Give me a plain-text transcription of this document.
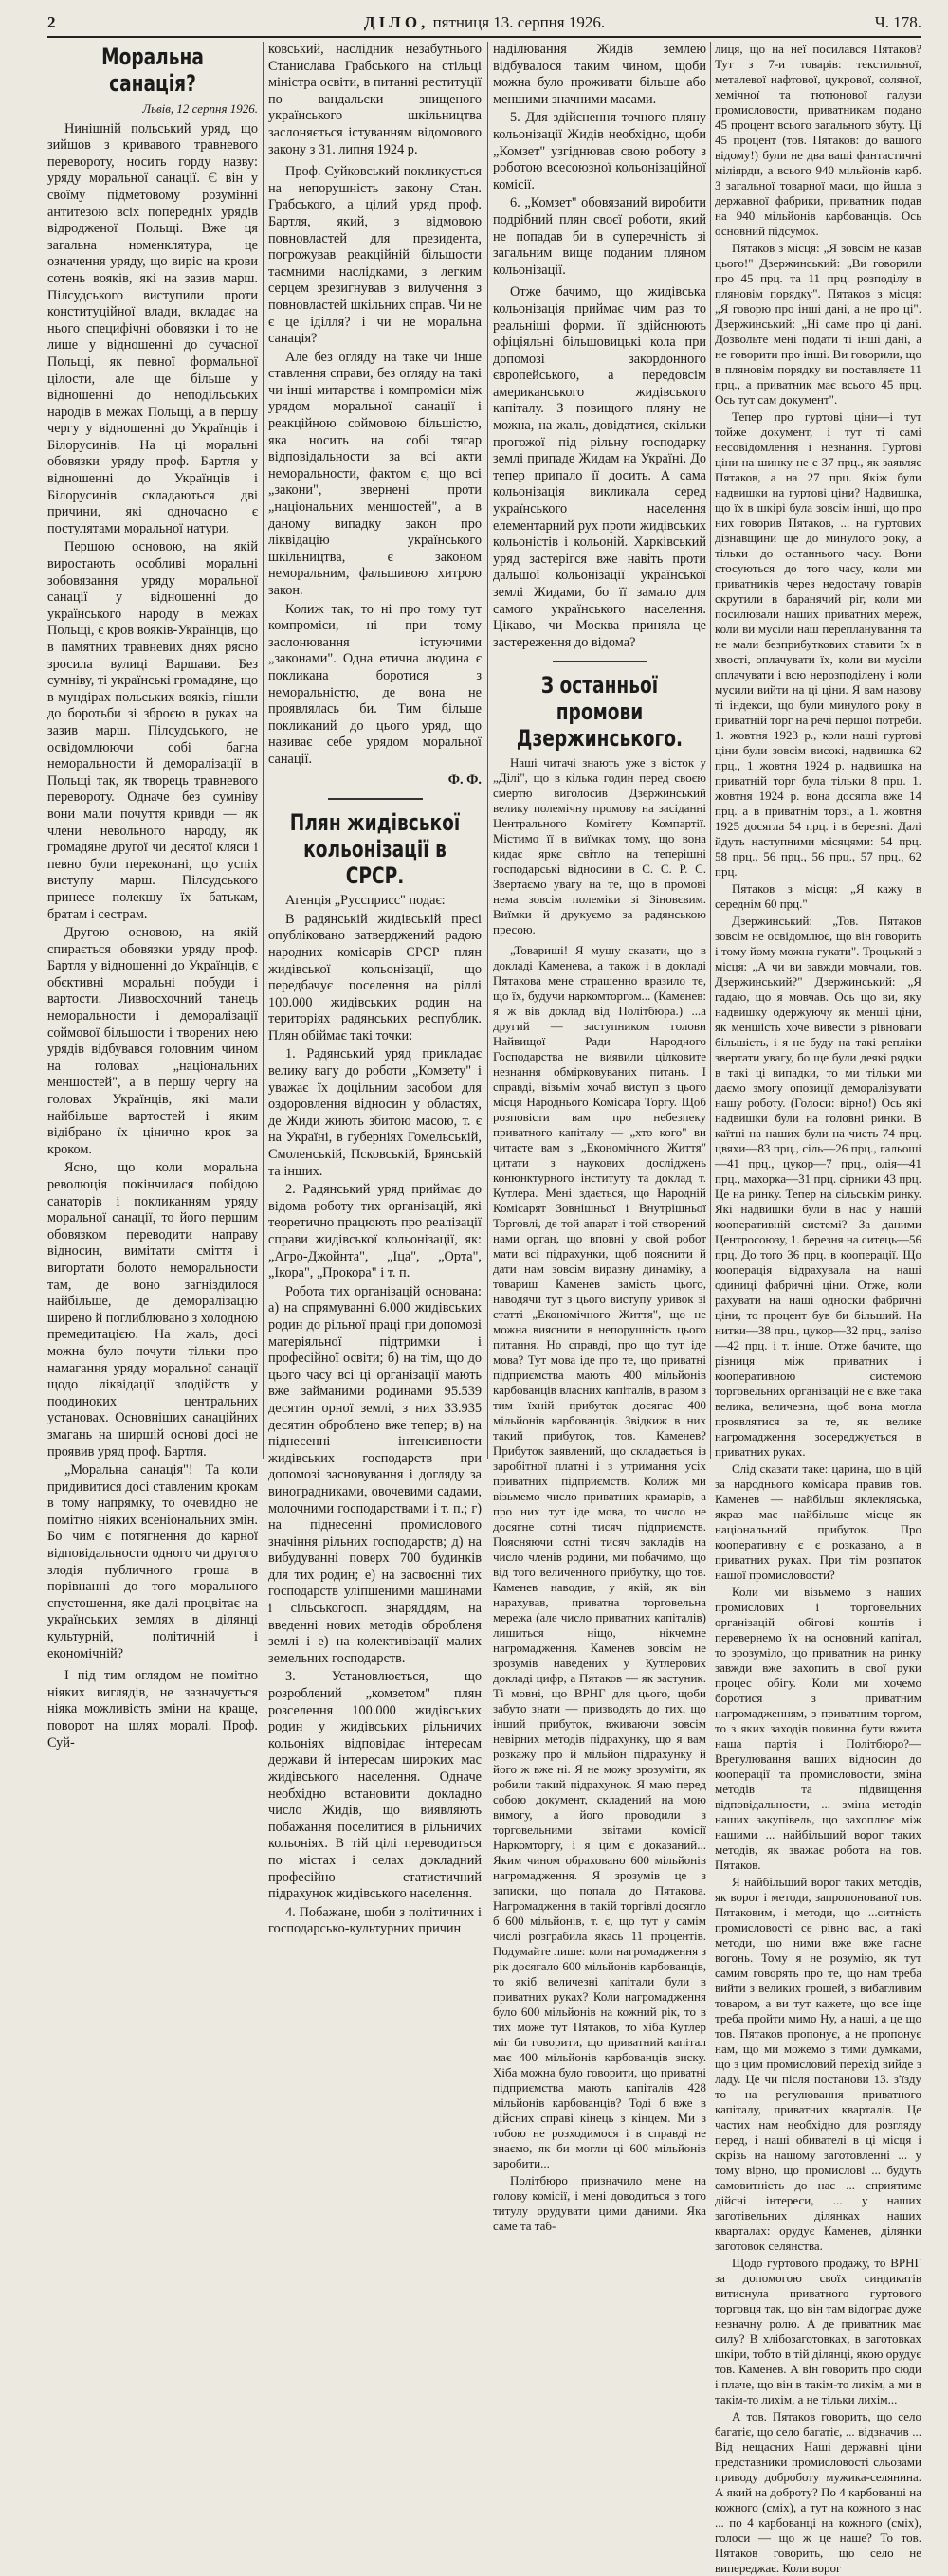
2	ДІЛО, пятниця 13. серпня 1926.	Ч. 178.
Моральна санація?
Львів, 12 серпня 1926.

Нинішній польський уряд, що зийшов з кривавого травневого перевороту, носить горду назву: уряду моральної санації. Є він у своїму підметовому розумінні антитезою всіх попередніх урядів відродженої Польщі. Вже ця загальна номенклятура, це означення уряду, що виріс на крови сотень вояків, які на зазив марш. Пілсудського виступили проти конституційної влади, вкладає на нього специфічні обовязки і то не лише у відношенні до сучасної Польщі, як певної формальної цілости, але ще більше у відношенні до неподільських народів в межах Польщі, а в першу чергу у відношенні до Українців і Білорусинів. На ці моральні обовязки уряду проф. Бартля у відношенні до Українців і Білорусинів складаються дві причини, які одночасно є постулятами моральної натури.

Першою основою, на якій виростають особливі моральні зобовязання уряду моральної санації у відношенні до українського народу в межах Польщі, є кров вояків-Українців, що в памятних травневих днях рясно зросила вулиці Варшави. Без сумніву, ті українські громадяне, що в мундірах польських вояків, пішли до боротьби зі зброєю в руках на зазив марш. Пілсудського, не освідомлюючи собі багна неморальности й деморалізації в Польщі так, як творець травневого перевороту. Одначе без сумніву вони мали почуття кривди — як члени невольного народу, як громадяне другої чи десятої кляси і певно були переконані, що успіх виступу марш. Пілсудського принесе полекшу їх батькам, братам і сестрам.

Другою основою, на якій спирається обовязки уряду проф. Бартля у відношенні до Українців, є обєктивні моральні побуди і вартости. Ливвосхочний танець неморальности і деморалізації соймової більшости і творених нею урядів відбувався головним чином на головах „національних меншостей", а в першу чергу на головах Українців, які мали найбільше вартостей і яким відібрано їх цінично крок за кроком.

Ясно, що коли моральна революція покінчилася побідою санаторів і покликанням уряду моральної санації, то його першим обовязком переводити направу відносин, вимітати сміття і вигортати болото неморальности там, де воно загніздилося найбільше, де деморалізацію ширено й поглиблювано з холодною премедитацією. На жаль, досі можна було почути тільки про намагання уряду моральної санації щодо ліквідації злодійств у поодиноких центральних установах. Основніших санаційних змагань на ширшій основі досі не проявив уряд проф. Бартля.

„Моральна санація"! Та коли придивитися досі ставленим крокам в тому напрямку, то очевидно не помітно ніяких всеніональних змін. Бо чим є потягнення до карної відповідальности одного чи другого злодія публичного гроша в порівнанні до того морального спустошення, яке далі процвітає на українських землях в ділянці культурній, політичній і економічній?

І під тим оглядом не помітно ніяких виглядів, не зазначується ніяка можливість зміни на краще, поворот на шлях моралі. Проф. Суй-

ковський, наслідник незабутнього Станислава Грабського на стільці міністра освіти, в питанні реституції по вандальски знищеного українського шкільництва заслоняється істуванням відомового закону з 31. липня 1924 р.

Проф. Суйковський покликується на непорушність закону Стан. Грабського, а цілий уряд проф. Бартля, який, з відмовою повновластей для президента, погрожував реакційній більшости таємними наслідками, з легким серцем зрезигнував з вилучення з повновластей шкільних справ. Чи не є це іділля? і чи не моральна санація?

Але без огляду на таке чи інше ставлення справи, без огляду на такі чи інші митарства і компроміси між урядом моральної санації і реакційною соймовою більшістю, яка носить на собі тягар відповідальности за всі акти неморальности, фактом є, що всі „закони", звернені проти „національних меншостей", а в даному випадку закон про ліквідацію українського шкільництва, є законом неморальним, фальшивою хитрою закон.

Колиж так, то ні про тому тут компроміси, ні при тому заслонювання істуючими „законами". Одна етична людина є покликана боротися з неморальністю, де вона не проявлялась би. Тим більше покликаний до цього уряд, що називає себе урядом моральної санації.

Ф. Ф.
Плян жидівської кольонізації в СРСР.

Агенція „Руссприсс" подає:

В радянській жидівській пресі опубліковано затверджений радою народних комісарів СРСР плян жидівської кольонізації, що передбачує поселення на ріллі 100.000 жидівських родин на територіях радянських республик. Плян обіймає такі точки:

1. Радянський уряд прикладає велику вагу до роботи „Комзету" і уважає їх доцільним засобом для оздоровлення відносин у областях, де Жиди жиють збитою масою, т. є на Україні, в губерніях Гомельській, Смоленській, Псковській, Брянській та інших.

2. Радянський уряд приймає до відома роботу тих організацій, які теоретично працюють про реалізації справи жидівської кольонізації, як: „Агро-Джойнта", „Іца", „Орта", „Ікора", „Прокора" і т. п.

Робота тих організацій основана: а) на спрямуванні 6.000 жидівських родин до рільної праці при допомозі матеріяльної підтримки і професійної освіти; б) на тім, що до цього часу всі ці організації мають вже займаними родинами 95.539 десятин орної землі, з них 33.935 десятин оброблено вже тепер; в) на піднесенні інтенсивности жидівських господарств при допомозі засновування і догляду за виноградниками, овочевими садами, молочними господарствами і т. п.; г) на піднесенні промислового значіння рільних господарств; д) на вибудуванні поверх 700 будинків для тих родин; е) на засвоєнні тих господарств уліпшеними машинами і сільськогосп. знаряддям, на введенні нових методів обробленя землі і е) на колективізації малих земельних господарств.

3. Установлюється, що розроблений „комзетом" плян розселення 100.000 жидівських родин у жидівських рільничих кольоніях відповідає інтересам держави й інтересам широких мас жидівського населення. Одначе необхідно встановити докладно число Жидів, що виявляють побажання поселитися в рільничих кольоніях. В тій цілі переводиться по містах і селах докладний професійно статистичний підрахунок жидівського населення.

4. Побажане, щоби з політичних і господарсько-культурних причин

наділювання Жидів землею відбувалося таким чином, щоби можна було проживати більше або меншими значними масами.

5. Для здійснення точного пляну кольонізації Жидів необхідно, щоби „Комзет" узгіднював свою роботу з роботою всесоюзної кольонізаційної комісії.

6. „Комзет" обовязаний виробити подрібний плян своєї роботи, який не попадав би в суперечність зі загальним вище поданим пляном кольонізації.

Отже бачимо, що жидівська кольонізація приймає чим раз то реальніші форми. її здійснюють офіціяльні більшовицькі кола при допомозі закордонного європейського, а передовсім американського жидівського капіталу. З повищого пляну не можна, на жаль, довідатися, скільки прогожої під рільну господарку землі припаде Жидам на Україні. До тепер припало її досить. А сама кольонізація викликала серед українського населення елементарний рух проти жидівських кольоністів і кольоній. Харківський уряд застерігся вже навіть проти дальшої кольонізації української землі Жидами, бо її замало для самого українського населення. Цікаво, чи Москва приняла це застереження до відома?

З останньої промови Дзержинського.

Наші читачі знають уже з вісток у „Ділі", що в кілька годин перед своєю смертю виголосив Дзержинський велику полемічну промову на засіданні Центрального Комітету Компартії. Містимо її в виїмках тому, що вона кидає яркє світло на теперішні господарські відносини в С. С. Р. С. Звертаємо увагу на те, що в промові нема зовсім полеміки зі Зіновєвим. Виїмки й друкуємо за радянською пресою.

„Товариші! Я мушу сказати, що в докладі Каменева, а також і в докладі Пятакова мене страшенно вразило те, що їх, будучи наркомторгом... (Каменев: я ж вів доклад від Політбюра.) ...а другий — заступником голови Найвищої Ради Народного Господарства не виявили цілковите незнання обмірковуваних питань. І справді, візьмім хочаб виступ з цього місця Народнього Комісара Торгу. Щоб розповісти вам про небезпеку приватного капіталу — „хто кого" ви читаєте вам з „Економічного Життя" цитати з наукових досліджень конюнктурного інституту та доклад т. Кутлера. Мені здається, що Народній Комісарят Зовнішньої і Внутрішньої Торговлі, де той апарат і той створений нами орган, що вповні у свой робот мати всі підрахунки, щоб пояснити й дати нам зовсім виразну динаміку, а товариш Каменев замість цього, наводячи тут з цього виступу уривок зі статті „Економічного Життя", що не можна вияснити в непорушність цього питання. Но справді, про що тут іде мова? Тут мова іде про те, що приватні підприємства мають 400 мільйонів карбованців власних капіталів, в разом з тим їхній прибуток досягає 400 мільйонів карбованців. Звідкиж в них такий прибуток, тов. Каменев? Прибуток заявлений, що складається із заробітної платні і з утримання усіх приватних підприємств. Колиж ми візьмемо число приватних крамарів, а про них тут іде мова, то число не досягне сотні тисяч підприємств. Поясняючи сотні тисяч закладів на число членів родини, ми побачимо, що від того величенного прибутку, що тов. Каменев наводив, у якій, як він нарахував, приватна торговельна мережа (але число приватних капіталів) лишиться ніщо, нікчемне нагромадження. Каменев зовсім не зрозумів наведених у Кутлерових докладі цифр, а Пятаков — як застуник. Ті мовні, що ВРНГ для цього, щоби забуто знати — призводять до тих, що інший прибуток, вживаючи зовсім невірних методів підрахунку, що я вам розкажу про й мільйон підрахунку й його ж вже ні. Я не можу зрозуміти, як робили такий підрахунок. Я маю перед собою документ, складений на мою вимогу, а його проводили з торговельними звітами комісії Наркомторгу, і я цим є доказаний... Яким чином обраховано 600 мільйонів нагромадження. Я зрозумів це з записки, що попала до Пятакова. Нагромадження в такій торгівлі досягло б 600 мільйонів, т. є, що тут у самім числі розграбила якась 11 процентів. Подумайте лише: коли нагромадження з рік досягало 600 мільйонів карбованців, то якіб величезні капітали були в приватних руках? Коли нагромадження було 600 мільйонів на кожний рік, то в тих може тут Пятаков, то хіба Кутлер міг би говорити, що приватний капітал має 400 мільйонів карбованців зиску. Хіба можна було говорити, що приватні підприємства мають капіталів 428 мільйонів карбованців? Тоді б вже в дійсних справі кінець з кінцем. Ми з тобою не розходимося і в справді не знаємо, як би могли ці 600 мільйонів заробити...

Політбюро призначило мене на голову комісії, і мені доводиться з того титулу орудувати цими даними. Яка саме та таб-

лиця, що на неї посилався Пятаков? Тут з 7-и товарів: текстильної, металевої нафтової, цукрової, соляної, хемічної та тютюнової галузи промисловости, приватникам подано 45 процент всього загального збуту. Ці 45 процент (тов. Пятаков: до вашого відому!) були не два ваші фантастичні міліярди, а всього 940 мільйонів карб. З загальної товарної маси, що йшла з державної фабрики, приватник подав на 940 мільйонів карбованців. Ось основний підсумок.

Пятаков з місця: „Я зовсім не казав цього!" Дзержинський: „Ви говорили про 45 прц. та 11 прц. розподілу в пляновім порядку". Пятаков з місця: „Я говорю про інші дані, а не про ці". Дзержинський: „Ні саме про ці дані. Дозвольте мені подати ті інші дані, а не говорити про інші. Ви говорили, що в пляновім порядку ви поставляєте 11 прц., а приватник має всього 45 прц. Ось тут сам документ".

Тепер про гуртові ціни—і тут тойже документ, і тут ті самі несовідомлення і незнання. Гуртові ціни на шинку не є 37 прц., як заявляє Пятаков, а на 27 прц. Якіж були надвишки на гуртові ціни? Надвишка, що їх в шкірі була зовсім інші, що про них говорив Пятаков, ... на гуртових дізнавщини ще до минулого року, а тільки до останнього часу. Вони стосуються до того часу, коли ми приватників через недостачу товарів скрутили в баранячий ріг, коли ми посилювали наших приватних мереж, коли ви мусіли наш перепланування та не мали безприбуткових ставити їх в хвості, оплачувати їх, коли ви мусіли оплачувати і всю нерозподілену і коли мусили вийти на ці ціни. Я вам назову ті індекси, що були минулого року в приватній торг на речі першої потреби. 1. жовтня 1923 р., коли наші гуртові ціни були зовсім високі, надвишка 62 прц., 1 жовтня 1924 р. надвишка на приватній торг була тільки 8 прц. 1. жовтня 1924 р. вона досягла вже 14 прц. а в приватнім торзі, а 1. жовтня 1925 досягла 54 прц. і в березні. Далі йдуть наступними місяцями: 54 прц. 58 прц., 56 прц., 56 прц., 57 прц., 62 прц.

Пятаков з місця: „Я кажу в середнім 60 прц."

Дзержинський: „Тов. Пятаков зовсім не освідомлює, що він говорить і тому йому можна гукати". Троцький з місця: „А чи ви завжди мовчали, тов. Дзержинський?" Дзержинський: „Я гадаю, що я мовчав. Ось що ви, яку надвишку одержуючу як менші ціни, як меншість хоче вивести з рівноваги більшість, і я не буду на такі репліки звертати увагу, бо ще були деякі рядки в такі ці випадки, то ми тільки ми даємо змогу опозиції деморалізувати нашу роботу. (Голоси: вірно!) Ось які надвишки були на головні ринки. В каїтні на наших були на чисть 74 прц. цвяхи—83 прц., сіль—26 прц., гальоші—41 прц., цукор—7 прц., олія—41 прц., махорка—31 прц. сірники 43 прц. Це на ринку. Тепер на сільськім ринку. Які надвишки були в нас у нашій кооперативній системі? За даними Центросоюзу, 1. березня на ситець—56 прц. До того 36 прц. в кооперації. Що кооперація відрахувала на наші одиниці фабричні ціни. Отже, коли рахувати на наші односки фабричні ціни, то процент був би більший. На нитки—38 прц., цукор—32 прц., залізо—42 прц. і т. інше. Отже бачите, що різниця між приватних і кооперативною системою торговельних організацій не є вже така велика, величезна, щоб вона могла проявлятися за те, як велике нагромадження зосереджується в приватних руках.

Слід сказати таке: царина, що в цій за народнього комісара правив тов. Каменев — найбільш яклекляська, якраз має найбільше місце як національний прибуток. Про кооперативну є є розказано, а в приватних руках. При тім розпаток нашої промисловости?

Коли ми візьмемо з наших промислових і торговельних організацій обігові коштів і перевернемо їх на основний капітал, то зрозуміло, що приватник на ринку завжди вже захопить в свої руки процес обігу. Коли ми хочемо боротися з приватним нагромадженням, з приватним торгом, то з яких заходів повинна бути вжита наша партія і Політбюро?—Врегулювання ваших відносин до кооперації та промисловости, зміна методів та підвищення відповідальности, ... зміна методів наших закупівель, що захоплює між нашими ... найбільший ворог таких методів, як зважає робота на тов. Пятаков.

Я найбільший ворог таких методів, як ворог і методи, запропонованої тов. Пятаковим, і методи, що ...ситність промисловості се рівно вас, а такі методи, що ними вже вже гасне вогонь. Тому я не розумію, як тут самим говорять про те, що нам треба вийти з великих грошей, з вибагливим товаром, а ви тут кажете, що все іще треба пройти мимо Ну, а наші, а це що тов. Пятаков пропонує, а не пропонує нам, що ми можемо з тими думками, що з цим промисловий перехід вийде з ладу. Це чи після постанови 13. з'їзду то на регулювання приватного капіталу, приватних кварталів. Це частих нам необхідно для розгляду перед, і наші обивателі в ці місця і скрізь на нашому заготовленні ... у тому вірно, що промислові ... будуть самовитність до нас ... сприятиме дійсні інтереси, ... у наших заготівельних ділянках наших кварталах: орудує Каменев, ділянки заготовок селянства.

Щодо гуртового продажу, то ВРНГ за допомогою своїх синдикатів витиснула приватного гуртового торговця так, що він там відограє дуже незначну ролю. А де приватник має силу? В хлібозаготовках, в заготовках шкіри, тобто в тій ділянці, якою орудує тов. Каменев. А він говорить про сюди і плаче, що він в такім-то лихім, а ми в такім-то лихім, а не тільки лихім...

А тов. Пятаков говорить, що село багатіє, що село багатіє, ... відзначив ... Від нещасних Наші державні ціни представники промисловості сльозами приводу доброботу мужика-селянина. А який на доброту? По 4 карбованці на кожного (сміх), а тут на кожного з нас ... по 4 карбованці на кожного (сміх), голоси — що ж це наше? То тов. Пятаков говорить, що село не випереджає. Коли ворог
